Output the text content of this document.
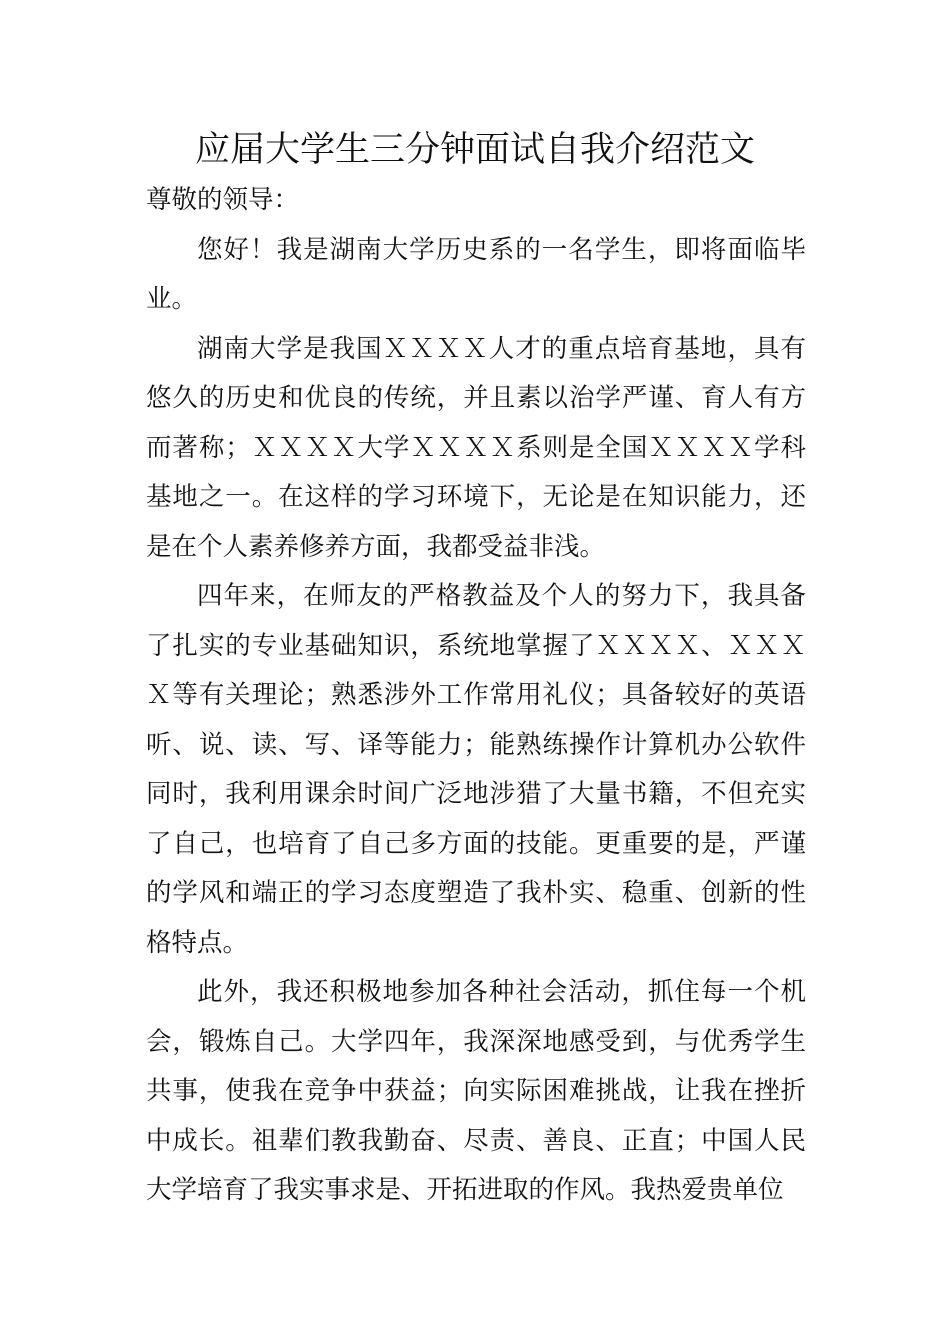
应届大学生三分钟面试自我介绍范文

尊敬的领导：

您好！我是湖南大学历史系的一名学生，即将面临毕业。

湖南大学是我国ＸＸＸＸ人才的重点培育基地，具有悠久的历史和优良的传统，并且素以治学严谨、育人有方而著称；ＸＸＸＸ大学ＸＸＸＸ系则是全国ＸＸＸＸ学科基地之一。在这样的学习环境下，无论是在知识能力，还是在个人素养修养方面，我都受益非浅。

四年来，在师友的严格教益及个人的努力下，我具备了扎实的专业基础知识，系统地掌握了ＸＸＸＸ、ＸＸＸＸ等有关理论；熟悉涉外工作常用礼仪；具备较好的英语听、说、读、写、译等能力；能熟练操作计算机办公软件同时，我利用课余时间广泛地涉猎了大量书籍，不但充实了自己，也培育了自己多方面的技能。更重要的是，严谨的学风和端正的学习态度塑造了我朴实、稳重、创新的性格特点。

此外，我还积极地参加各种社会活动，抓住每一个机会，锻炼自己。大学四年，我深深地感受到，与优秀学生共事，使我在竞争中获益；向实际困难挑战，让我在挫折中成长。祖辈们教我勤奋、尽责、善良、正直；中国人民大学培育了我实事求是、开拓进取的作风。我热爱贵单位
